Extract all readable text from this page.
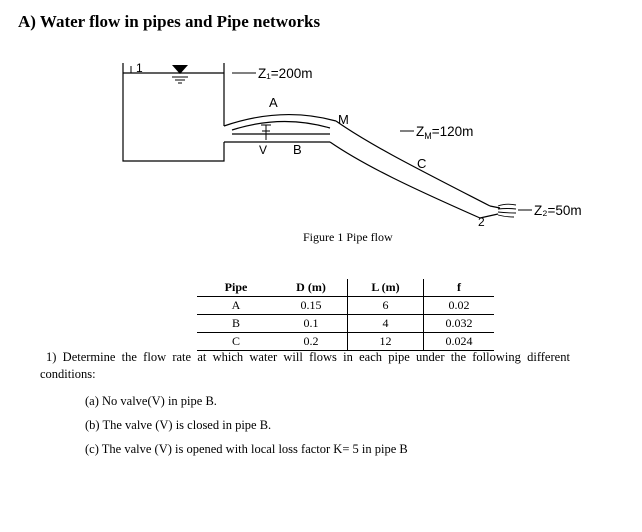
A) Water flow in pipes and Pipe networks
1	Z₁=200m
A
M
V B
$Z_M=120m$
C
Z₂=50m
2
Figure 1 Pipe flow
Pipe	D (m)	L (m)	f
A	0.15	6	0.02
B	0.1	4	0.032
C	0.2	12	0.024
1)  Determine  the  flow  rate  at  which  water  will  flows  in  each  pipe  under  the  following  different
conditions:
(a) No valve(V) in pipe B.
(b) The valve (V) is closed in pipe B.
(c) The valve (V) is opened with local loss factor K= 5 in pipe B
